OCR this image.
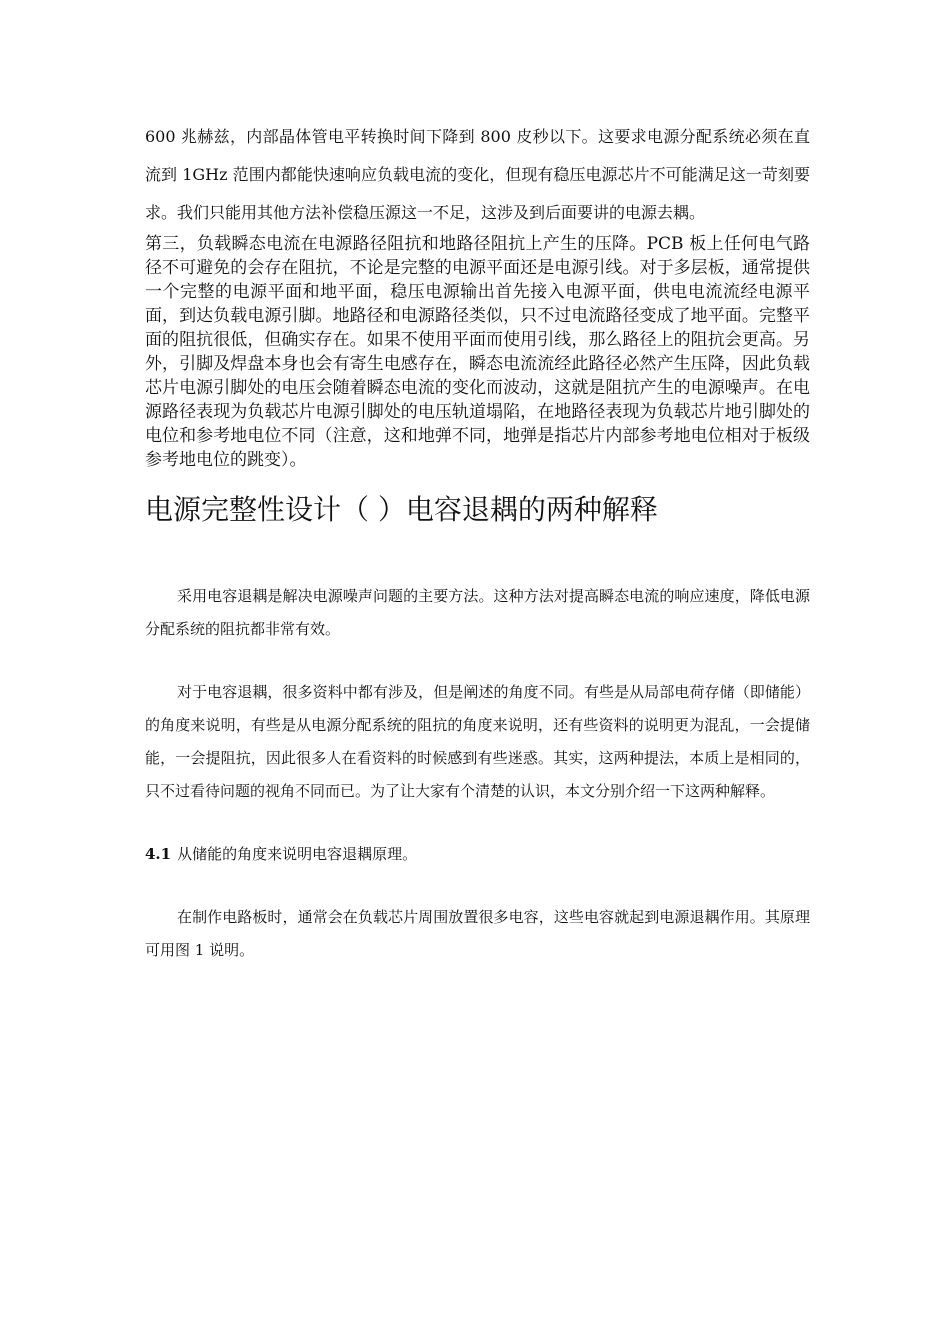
600 兆赫兹，内部晶体管电平转换时间下降到 800 皮秒以下。这要求电源分配系统必须在直流到 1GHz 范围内都能快速响应负载电流的变化，但现有稳压电源芯片不可能满足这一苛刻要求。我们只能用其他方法补偿稳压源这一不足，这涉及到后面要讲的电源去耦。

第三，负载瞬态电流在电源路径阻抗和地路径阻抗上产生的压降。PCB 板上任何电气路径不可避免的会存在阻抗，不论是完整的电源平面还是电源引线。对于多层板，通常提供一个完整的电源平面和地平面，稳压电源输出首先接入电源平面，供电电流流经电源平面，到达负载电源引脚。地路径和电源路径类似，只不过电流路径变成了地平面。完整平面的阻抗很低，但确实存在。如果不使用平面而使用引线，那么路径上的阻抗会更高。另外，引脚及焊盘本身也会有寄生电感存在，瞬态电流流经此路径必然产生压降，因此负载芯片电源引脚处的电压会随着瞬态电流的变化而波动，这就是阻抗产生的电源噪声。在电源路径表现为负载芯片电源引脚处的电压轨道塌陷，在地路径表现为负载芯片地引脚处的电位和参考地电位不同（注意，这和地弹不同，地弹是指芯片内部参考地电位相对于板级参考地电位的跳变）。

电源完整性设计（ ）电容退耦的两种解释

采用电容退耦是解决电源噪声问题的主要方法。这种方法对提高瞬态电流的响应速度，降低电源分配系统的阻抗都非常有效。

对于电容退耦，很多资料中都有涉及，但是阐述的角度不同。有些是从局部电荷存储（即储能）的角度来说明，有些是从电源分配系统的阻抗的角度来说明，还有些资料的说明更为混乱，一会提储能，一会提阻抗，因此很多人在看资料的时候感到有些迷惑。其实，这两种提法，本质上是相同的，只不过看待问题的视角不同而已。为了让大家有个清楚的认识，本文分别介绍一下这两种解释。

4.1 从储能的角度来说明电容退耦原理。

在制作电路板时，通常会在负载芯片周围放置很多电容，这些电容就起到电源退耦作用。其原理可用图 1 说明。
